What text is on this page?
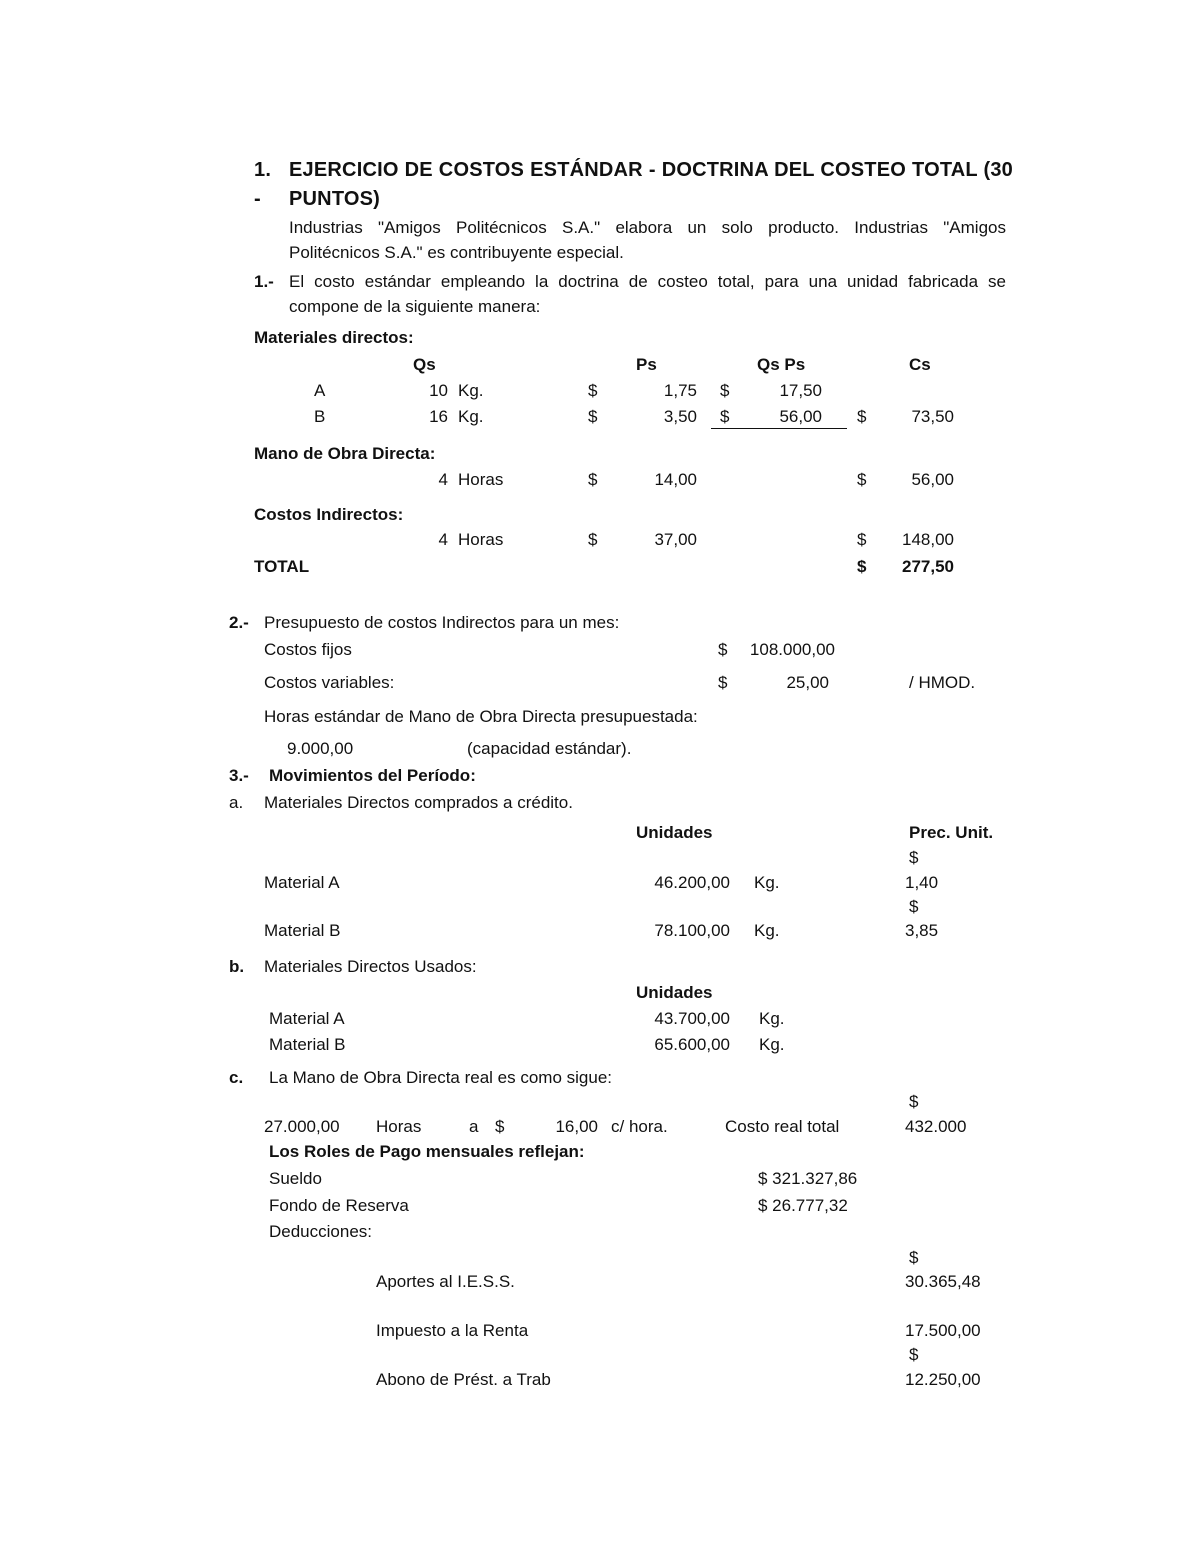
1. EJERCICIO DE COSTOS ESTÁNDAR - DOCTRINA DEL COSTEO TOTAL (30
- PUNTOS)
Industrias "Amigos Politécnicos S.A." elabora un solo producto. Industrias "Amigos
Politécnicos S.A." es contribuyente especial.
1.- El costo estándar empleando la doctrina de costeo total, para una unidad fabricada se
compone de la siguiente manera:
Materiales directos:
Qs	Ps	Qs Ps	Cs
A	10 Kg.	$	1,75 $	17,50
B	16 Kg.	$	3,50 $	56,00 $	73,50
Mano de Obra Directa:
4 Horas	$	14,00	$	56,00
Costos Indirectos:
4 Horas	$	37,00	$	148,00
TOTAL	$	277,50
2.- Presupuesto de costos Indirectos para un mes:
Costos fijos	$	108.000,00
Costos variables:	$	25,00	/ HMOD.
Horas estándar de Mano de Obra Directa presupuestada:
9.000,00	(capacidad estándar).
3.- Movimientos del Período:
a. Materiales Directos comprados a crédito.
Unidades	Prec. Unit.
$
Material A	46.200,00 Kg.	1,40
$
Material B	78.100,00 Kg.	3,85
b. Materiales Directos Usados:
Unidades
Material A	43.700,00 Kg.
Material B	65.600,00 Kg.
c. La Mano de Obra Directa real es como sigue:
$
27.000,00 Horas	a $	16,00 c/ hora.	Costo real total	432.000
Los Roles de Pago mensuales reflejan:
Sueldo	$ 321.327,86
Fondo de Reserva	$ 26.777,32
Deducciones:
$
Aportes al I.E.S.S.	30.365,48
Impuesto a la Renta	17.500,00
$
Abono de Prést. a Trab	12.250,00
